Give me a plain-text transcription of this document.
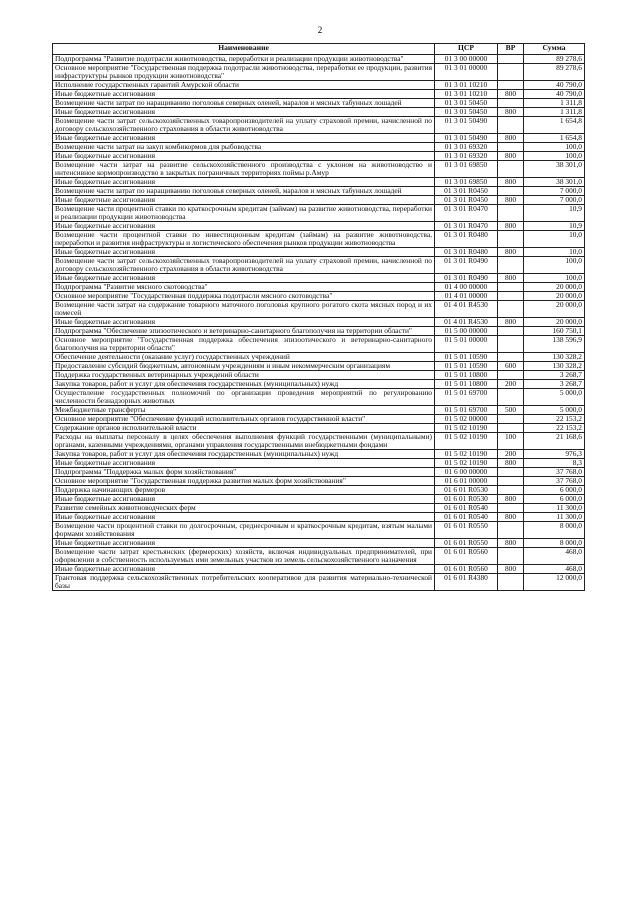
2
Наименование	ЦСР	ВР	Сумма
Подпрограмма "Развитие подотрасли животноводства, переработки и реализации продукции животноводства"	01 3 00 00000		89 278,6
Основное мероприятие "Государственная поддержка подотрасли животноводства, переработки ее продукции, развития инфраструктуры рынков продукции животноводства"	01 3 01 00000		89 278,6
Исполнение государственных гарантий Амурской области	01 3 01 10210		40 790,0
Иные бюджетные ассигнования	01 3 01 10210	800	40 790,0
Возмещение части затрат по наращиванию поголовья северных оленей, маралов и мясных табунных лошадей	01 3 01 50450		1 311,8
Иные бюджетные ассигнования	01 3 01 50450	800	1 311,8
Возмещение части затрат сельскохозяйственных товаропроизводителей на уплату страховой премии, начисленной по договору сельскохозяйственного страхования в области животноводства	01 3 01 50490		1 654,8
Иные бюджетные ассигнования	01 3 01 50490	800	1 654,8
Возмещение части затрат на закуп комбикормов для рыбоводства	01 3 01 69320		100,0
Иные бюджетные ассигнования	01 3 01 69320	800	100,0
Возмещение части затрат на развитие сельскохозяйственного производства с уклоном на животноводство и интенсивное кормопроизводство в закрытых пограничных территориях поймы р.Амур	01 3 01 69850		38 301,0
Иные бюджетные ассигнования	01 3 01 69850	800	38 301,0
Возмещение части затрат по наращиванию поголовья северных оленей, маралов и мясных табунных лошадей	01 3 01 R0450		7 000,0
Иные бюджетные ассигнования	01 3 01 R0450	800	7 000,0
Возмещение части процентной ставки по краткосрочным кредитам (займам) на развитие животноводства, переработки и реализации продукции животноводства	01 3 01 R0470		10,9
Иные бюджетные ассигнования	01 3 01 R0470	800	10,9
Возмещение части процентной ставки по инвестиционным кредитам (займам) на развитие животноводства, переработки и развития инфраструктуры и логистического обеспечения рынков продукции животноводства	01 3 01 R0480		10,0
Иные бюджетные ассигнования	01 3 01 R0480	800	10,0
Возмещение части затрат сельскохозяйственных товаропроизводителей на уплату страховой премии, начисленной по договору сельскохозяйственного страхования в области животноводства	01 3 01 R0490		100,0
Иные бюджетные ассигнования	01 3 01 R0490	800	100,0
Подпрограмма "Развитие мясного скотоводства"	01 4 00 00000		20 000,0
Основное мероприятие "Государственная поддержка подотрасли мясного скотоводства"	01 4 01 00000		20 000,0
Возмещение части затрат на содержание товарного маточного поголовья крупного рогатого скота мясных пород и их помесей	01 4 01 R4530		20 000,0
Иные бюджетные ассигнования	01 4 01 R4530	800	20 000,0
Подпрограмма "Обеспечение эпизоотического и ветеринарно-санитарного благополучия на территории области"	01 5 00 00000		160 750,1
Основное мероприятие "Государственная поддержка обеспечения эпизоотического и ветеринарно-санитарного благополучия на территории области"	01 5 01 00000		138 596,9
Обеспечение деятельности (оказание услуг) государственных учреждений	01 5 01 10590		130 328,2
Предоставление субсидий бюджетным, автономным учреждениям и иным некоммерческим организациям	01 5 01 10590	600	130 328,2
Поддержка государственных ветеринарных учреждений области	01 5 01 10800		3 268,7
Закупка товаров, работ и услуг для обеспечения государственных (муниципальных) нужд	01 5 01 10800	200	3 268,7
Осуществление государственных полномочий по организации проведения мероприятий по регулированию численности безнадзорных животных	01 5 01 69700		5 000,0
Межбюджетные трансферты	01 5 01 69700	500	5 000,0
Основное мероприятие "Обеспечение функций исполнительных органов государственной власти"	01 5 02 00000		22 153,2
Содержание органов исполнительной власти	01 5 02 10190		22 153,2
Расходы на выплаты персоналу в целях обеспечения выполнения функций государственными (муниципальными) органами, казенными учреждениями, органами управления государственными внебюджетными фондами	01 5 02 10190	100	21 168,6
Закупка товаров, работ и услуг для обеспечения государственных (муниципальных) нужд	01 5 02 10190	200	976,3
Иные бюджетные ассигнования	01 5 02 10190	800	8,3
Подпрограмма "Поддержка малых форм хозяйствования"	01 6 00 00000		37 768,0
Основное мероприятие "Государственная поддержка развития малых форм хозяйствования"	01 6 01 00000		37 768,0
Поддержка начинающих фермеров	01 6 01 R0530		6 000,0
Иные бюджетные ассигнования	01 6 01 R0530	800	6 000,0
Развитие семейных животноводческих ферм	01 6 01 R0540		11 300,0
Иные бюджетные ассигнования	01 6 01 R0540	800	11 300,0
Возмещение части процентной ставки по долгосрочным, среднесрочным и краткосрочным кредитам, взятым малыми формами хозяйствования	01 6 01 R0550		8 000,0
Иные бюджетные ассигнования	01 6 01 R0550	800	8 000,0
Возмещение части затрат крестьянских (фермерских) хозяйств, включая индивидуальных предпринимателей, при оформлении в собственность используемых ими земельных участков из земель сельскохозяйственного назначения	01 6 01 R0560		468,0
Иные бюджетные ассигнования	01 6 01 R0560	800	468,0
Грантовая поддержка сельскохозяйственных потребительских кооперативов для развития материально-технической базы	01 6 01 R4380		12 000,0
